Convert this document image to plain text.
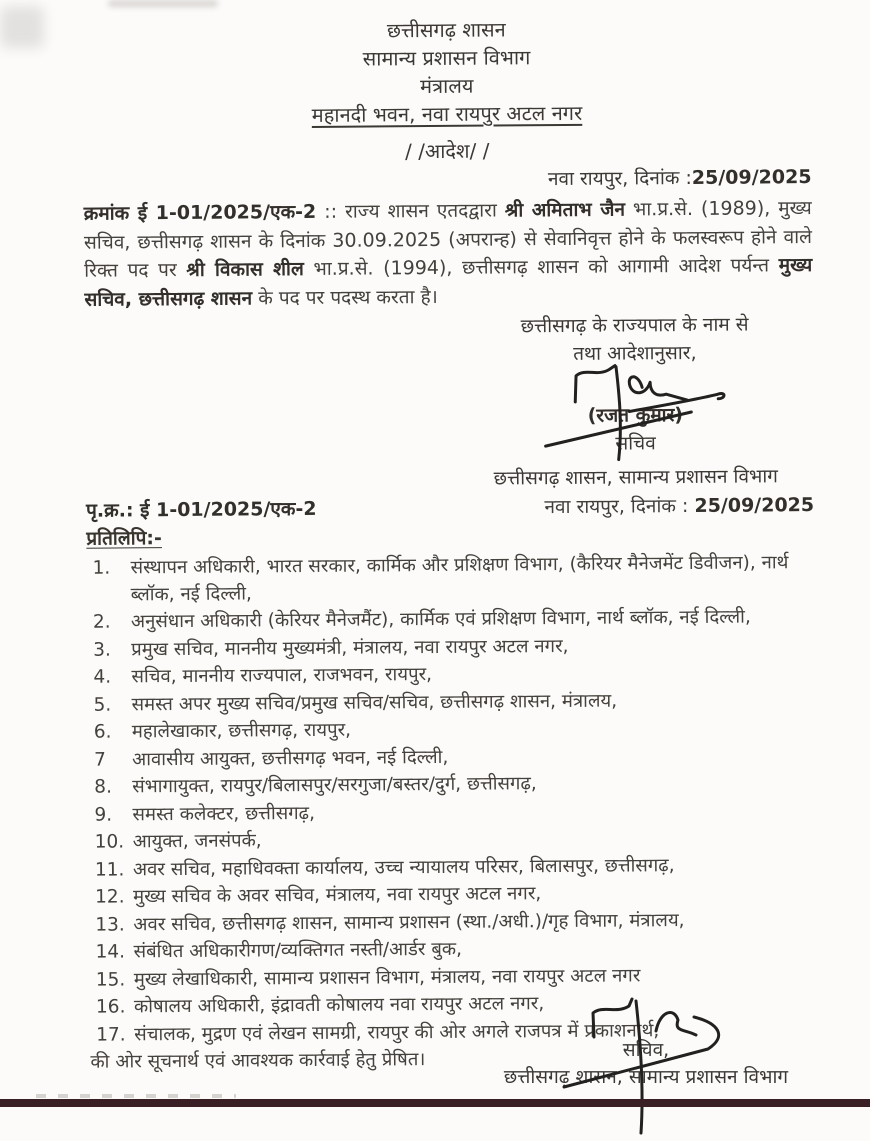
छत्तीसगढ़ शासन
सामान्य प्रशासन विभाग
मंत्रालय
महानदी भवन, नवा रायपुर अटल नगर
/ /आदेश/ /
नवा रायपुर, दिनांक : 25/09/2025
क्रमांक ई 1-01/2025/एक-2 :: राज्य शासन एतदद्वारा श्री अमिताभ जैन भा.प्र.से. (1989), मुख्य सचिव, छत्तीसगढ़ शासन के दिनांक 30.09.2025 (अपरान्ह) से सेवानिवृत्त होने के फलस्वरूप होने वाले रिक्त पद पर श्री विकास शील भा.प्र.से. (1994), छत्तीसगढ़ शासन को आगामी आदेश पर्यन्त मुख्य सचिव, छत्तीसगढ़ शासन के पद पर पदस्थ करता है।
छत्तीसगढ़ के राज्यपाल के नाम से
तथा आदेशानुसार,
(रजत कुमार)
सचिव
छत्तीसगढ़ शासन, सामान्य प्रशासन विभाग
पृ.क्र.: ई 1-01/2025/एक-2	नवा रायपुर, दिनांक : 25/09/2025
प्रतिलिपि:-
1.	संस्थापन अधिकारी, भारत सरकार, कार्मिक और प्रशिक्षण विभाग, (कैरियर मैनेजमेंट डिवीजन), नार्थ ब्लॉक, नई दिल्ली,
2.	अनुसंधान अधिकारी (केरियर मैनेजमैंट), कार्मिक एवं प्रशिक्षण विभाग, नार्थ ब्लॉक, नई दिल्ली,
3.	प्रमुख सचिव, माननीय मुख्यमंत्री, मंत्रालय, नवा रायपुर अटल नगर,
4.	सचिव, माननीय राज्यपाल, राजभवन, रायपुर,
5.	समस्त अपर मुख्य सचिव/प्रमुख सचिव/सचिव, छत्तीसगढ़ शासन, मंत्रालय,
6.	महालेखाकार, छत्तीसगढ़, रायपुर,
7	आवासीय आयुक्त, छत्तीसगढ़ भवन, नई दिल्ली,
8.	संभागायुक्त, रायपुर/बिलासपुर/सरगुजा/बस्तर/दुर्ग, छत्तीसगढ़,
9.	समस्त कलेक्टर, छत्तीसगढ़,
10. आयुक्त, जनसंपर्क,
11. अवर सचिव, महाधिवक्ता कार्यालय, उच्च न्यायालय परिसर, बिलासपुर, छत्तीसगढ़,
12. मुख्य सचिव के अवर सचिव, मंत्रालय, नवा रायपुर अटल नगर,
13. अवर सचिव, छत्तीसगढ़ शासन, सामान्य प्रशासन (स्था./अधी.)/गृह विभाग, मंत्रालय,
14. संबंधित अधिकारीगण/व्यक्तिगत नस्ती/आर्डर बुक,
15. मुख्य लेखाधिकारी, सामान्य प्रशासन विभाग, मंत्रालय, नवा रायपुर अटल नगर
16. कोषालय अधिकारी, इंद्रावती कोषालय नवा रायपुर अटल नगर,
17. संचालक, मुद्रण एवं लेखन सामग्री, रायपुर की ओर अगले राजपत्र में प्रकाशनार्थ,
की ओर सूचनार्थ एवं आवश्यक कार्रवाई हेतु प्रेषित।	सचिव,
छत्तीसगढ़ शासन, सामान्य प्रशासन विभाग
